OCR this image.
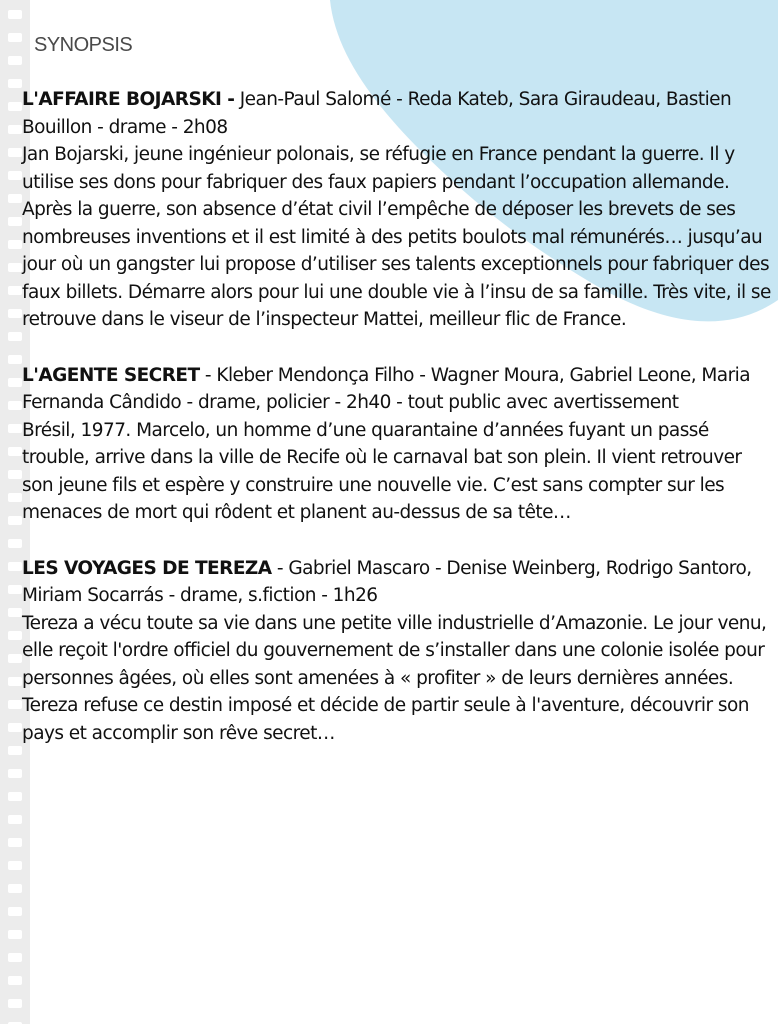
SYNOPSIS

L'AFFAIRE BOJARSKI - Jean-Paul Salomé - Reda Kateb, Sara Giraudeau, Bastien Bouillon - drame - 2h08

Jan Bojarski, jeune ingénieur polonais, se réfugie en France pendant la guerre. Il y utilise ses dons pour fabriquer des faux papiers pendant l’occupation allemande. Après la guerre, son absence d’état civil l’empêche de déposer les brevets de ses nombreuses inventions et il est limité à des petits boulots mal rémunérés… jusqu’au jour où un gangster lui propose d’utiliser ses talents exceptionnels pour fabriquer des faux billets. Démarre alors pour lui une double vie à l’insu de sa famille. Très vite, il se retrouve dans le viseur de l’inspecteur Mattei, meilleur flic de France.

L'AGENTE SECRET - Kleber Mendonça Filho - Wagner Moura, Gabriel Leone, Maria Fernanda Cândido - drame, policier - 2h40 - tout public avec avertissement

Brésil, 1977. Marcelo, un homme d’une quarantaine d’années fuyant un passé trouble, arrive dans la ville de Recife où le carnaval bat son plein. Il vient retrouver son jeune fils et espère y construire une nouvelle vie. C’est sans compter sur les menaces de mort qui rôdent et planent au-dessus de sa tête…

LES VOYAGES DE TEREZA - Gabriel Mascaro - Denise Weinberg, Rodrigo Santoro, Miriam Socarrás - drame, s.fiction - 1h26

Tereza a vécu toute sa vie dans une petite ville industrielle d’Amazonie. Le jour venu, elle reçoit l'ordre officiel du gouvernement de s’installer dans une colonie isolée pour personnes âgées, où elles sont amenées à « profiter » de leurs dernières années. Tereza refuse ce destin imposé et décide de partir seule à l'aventure, découvrir son pays et accomplir son rêve secret…
